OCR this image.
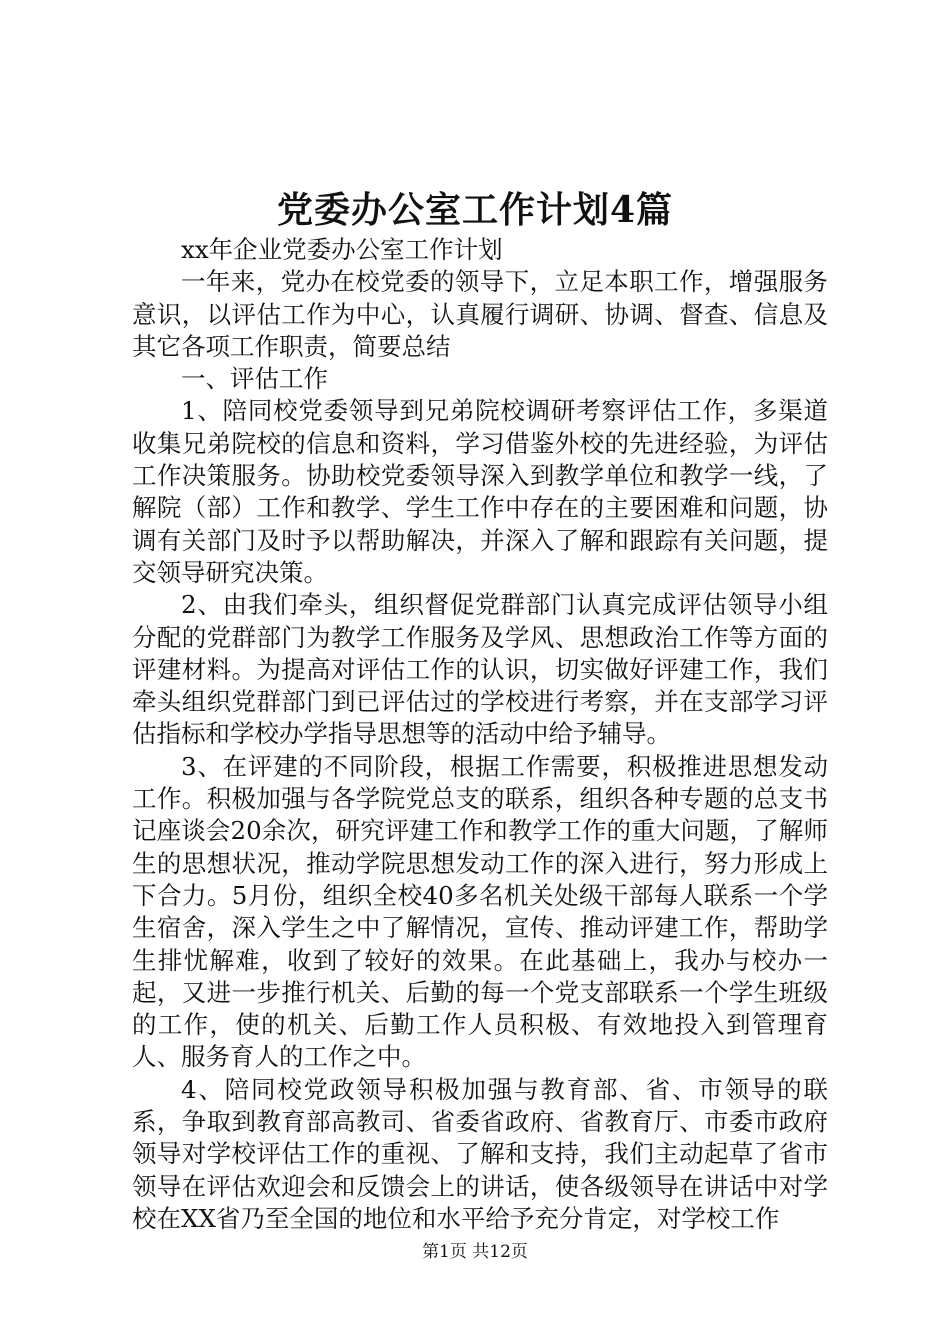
党委办公室工作计划4篇

xx年企业党委办公室工作计划

一年来，党办在校党委的领导下，立足本职工作，增强服务意识，以评估工作为中心，认真履行调研、协调、督查、信息及其它各项工作职责，简要总结

一、评估工作

1、陪同校党委领导到兄弟院校调研考察评估工作，多渠道收集兄弟院校的信息和资料，学习借鉴外校的先进经验，为评估工作决策服务。协助校党委领导深入到教学单位和教学一线，了解院（部）工作和教学、学生工作中存在的主要困难和问题，协调有关部门及时予以帮助解决，并深入了解和跟踪有关问题，提交领导研究决策。

2、由我们牵头，组织督促党群部门认真完成评估领导小组分配的党群部门为教学工作服务及学风、思想政治工作等方面的评建材料。为提高对评估工作的认识，切实做好评建工作，我们牵头组织党群部门到已评估过的学校进行考察，并在支部学习评估指标和学校办学指导思想等的活动中给予辅导。

3、在评建的不同阶段，根据工作需要，积极推进思想发动工作。积极加强与各学院党总支的联系，组织各种专题的总支书记座谈会20余次，研究评建工作和教学工作的重大问题，了解师生的思想状况，推动学院思想发动工作的深入进行，努力形成上下合力。5月份，组织全校40多名机关处级干部每人联系一个学生宿舍，深入学生之中了解情况，宣传、推动评建工作，帮助学生排忧解难，收到了较好的效果。在此基础上，我办与校办一起，又进一步推行机关、后勤的每一个党支部联系一个学生班级的工作，使的机关、后勤工作人员积极、有效地投入到管理育人、服务育人的工作之中。

4、陪同校党政领导积极加强与教育部、省、市领导的联系，争取到教育部高教司、省委省政府、省教育厅、市委市政府领导对学校评估工作的重视、了解和支持，我们主动起草了省市领导在评估欢迎会和反馈会上的讲话，使各级领导在讲话中对学校在XX省乃至全国的地位和水平给予充分肯定，对学校工作

第1页 共12页
